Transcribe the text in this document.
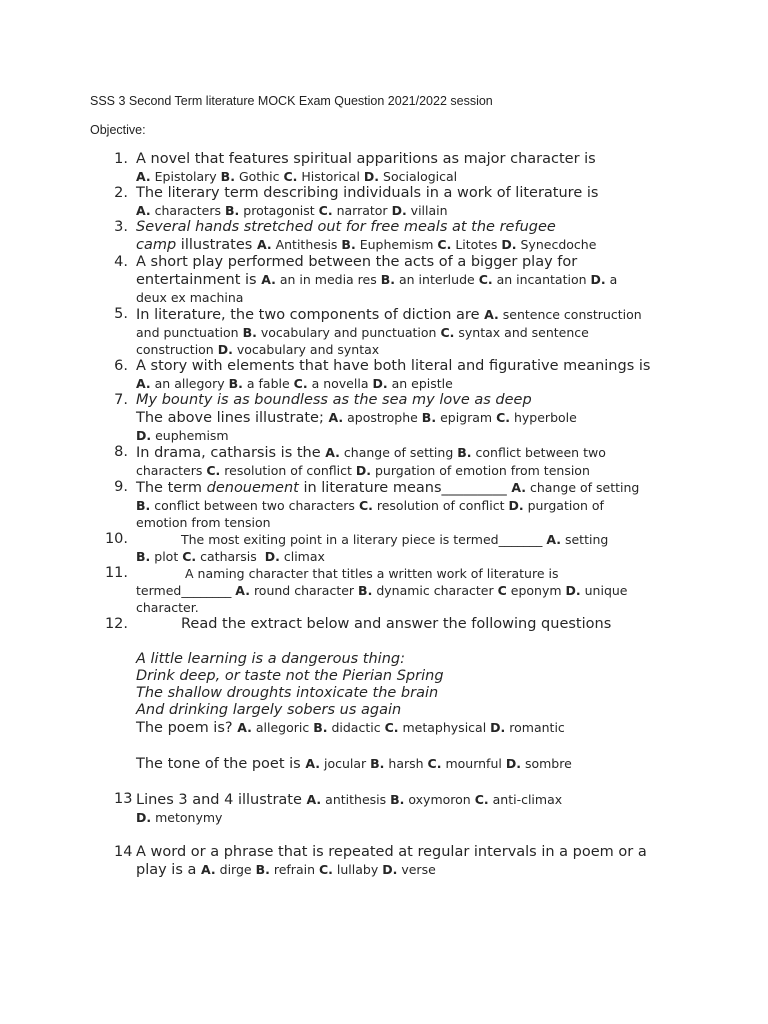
SSS 3 Second Term literature MOCK Exam Question 2021/2022 session
Objective:
1. A novel that features spiritual apparitions as major character is
A. Epistolary B. Gothic C. Historical D. Socialogical
2. The literary term describing individuals in a work of literature is
A. characters B. protagonist C. narrator D. villain
3. Several hands stretched out for free meals at the refugee
camp illustrates A. Antithesis B. Euphemism C. Litotes D. Synecdoche
4. A short play performed between the acts of a bigger play for
entertainment is A. an in media res B. an interlude C. an incantation D. a
deux ex machina
5. In literature, the two components of diction are A. sentence construction
and punctuation B. vocabulary and punctuation C. syntax and sentence
construction D. vocabulary and syntax
6. A story with elements that have both literal and figurative meanings is
A. an allegory B. a fable C. a novella D. an epistle
7. My bounty is as boundless as the sea my love as deep
The above lines illustrate; A. apostrophe B. epigram C. hyperbole
D. euphemism
8. In drama, catharsis is the A. change of setting B. conflict between two
characters C. resolution of conflict D. purgation of emotion from tension
9. The term denouement in literature means_________ A. change of setting
B. conflict between two characters C. resolution of conflict D. purgation of
emotion from tension
10.	The most exiting point in a literary piece is termed_______ A. setting
B. plot C. catharsis D. climax
11.	A naming character that titles a written work of literature is
termed________ A. round character B. dynamic character C eponym D. unique
character.
12.	Read the extract below and answer the following questions
A little learning is a dangerous thing:
Drink deep, or taste not the Pierian Spring
The shallow droughts intoxicate the brain
And drinking largely sobers us again
The poem is? A. allegoric B. didactic C. metaphysical D. romantic
The tone of the poet is A. jocular B. harsh C. mournful D. sombre
13 Lines 3 and 4 illustrate A. antithesis B. oxymoron C. anti-climax
D. metonymy
14 A word or a phrase that is repeated at regular intervals in a poem or a
play is a A. dirge B. refrain C. lullaby D. verse
